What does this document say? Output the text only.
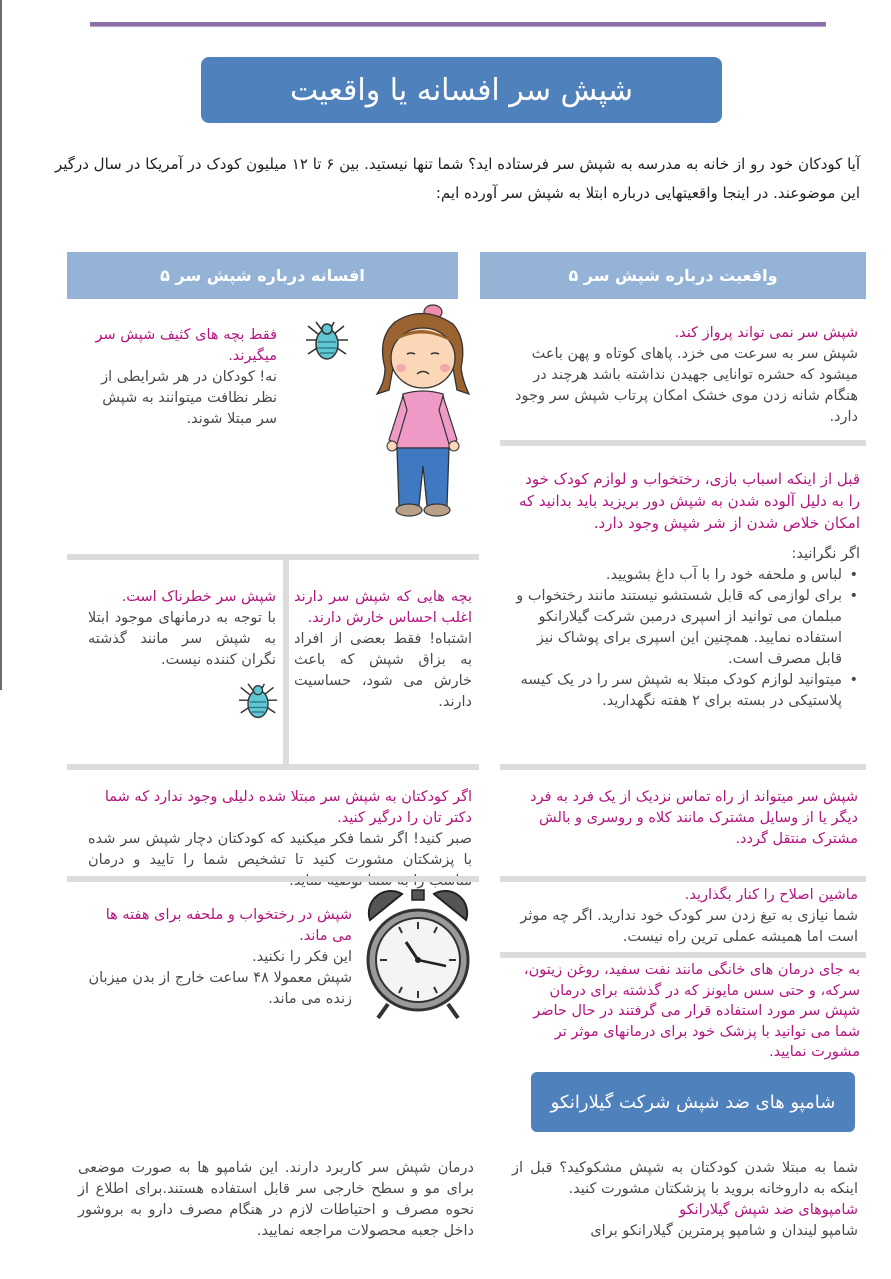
شپش سر افسانه یا واقعیت
آیا کودکان خود رو از خانه به مدرسه به شپش سر فرستاده اید؟ شما تنها نیستید. بین ۶ تا ۱۲ میلیون کودک در آمریکا در سال درگیر این موضوعند. در اینجا واقعیتهایی درباره ابتلا به شپش سر آورده ایم:
۵ واقعیت درباره شپش سر
۵ افسانه درباره شپش سر
شپش سر نمی تواند پرواز کند.
شپش سر به سرعت می خزد. پاهای کوتاه و پهن باعث میشود که حشره توانایی جهیدن نداشته باشد هرچند در هنگام شانه زدن موی خشک امکان پرتاب شپش سر وجود دارد.
قبل از اینکه اسباب بازی، رختخواب و لوازم کودک خود را به دلیل آلوده شدن به شپش دور بریزید باید بدانید که امکان خلاص شدن از شر شپش وجود دارد.
اگر نگرانید:
• لباس و ملحفه خود را با آب داغ بشویید.
• برای لوازمی که قابل شستشو نیستند مانند رختخواب و مبلمان می توانید از اسپری درمبن شرکت گیلارانکو استفاده نمایید. همچنین این اسپری برای پوشاک نیز قابل مصرف است.
• میتوانید لوازم کودک مبتلا به شپش سر را در یک کیسه پلاستیکی در بسته برای ۲ هفته نگهدارید.
شپش سر میتواند از راه تماس نزدیک از یک فرد به فرد دیگر یا از وسایل مشترک مانند کلاه و روسری و بالش مشترک منتقل گردد.
ماشین اصلاح را کنار بگذارید.
شما نیازی به تیغ زدن سر کودک خود ندارید. اگر چه موثر است اما همیشه عملی ترین راه نیست.
به جای درمان های خانگی مانند نفت سفید، روغن زیتون، سرکه، و حتی سس مایونز که در گذشته برای درمان شپش سر مورد استفاده قرار می گرفتند در حال حاضر شما می توانید با پزشک خود برای درمانهای موثر تر مشورت نمایید.
شامپو های ضد شپش شرکت گیلارانکو
شما به مبتلا شدن کودکتان به شپش مشکوکید؟ قبل از اینکه به داروخانه بروید با پزشکتان مشورت کنید.
شامپوهای ضد شپش گیلارانکو
شامپو لیندان و شامپو پرمترین گیلارانکو برای
فقط بچه های کثیف شپش سر میگیرند.
نه! کودکان در هر شرایطی از نظر نظافت میتوانند به شپش سر مبتلا شوند.
شپش سر خطرناک است.
با توجه به درمانهای موجود ابتلا به شپش سر مانند گذشته نگران کننده نیست.
بچه هایی که شپش سر دارند اغلب احساس خارش دارند.
اشتباه! فقط بعضی از افراد به بزاق شپش که باعث خارش می شود، حساسیت دارند.
اگر کودکتان به شپش سر مبتلا شده دلیلی وجود ندارد که شما دکتر تان را درگیر کنید.
صبر کنید! اگر شما فکر میکنید که کودکتان دچار شپش سر شده با پزشکتان مشورت کنید تا تشخیص شما را تایید و درمان
شپش در رختخواب و ملحفه برای هفته ها می ماند.
این فکر را نکنید.
شپش معمولا ۴۸ ساعت خارج از بدن میزبان زنده می ماند.
درمان شپش سر کاربرد دارند. این شامپو ها به صورت موضعی برای مو و سطح خارجی سر قابل استفاده هستند.برای اطلاع از نحوه مصرف و احتیاطات لازم در هنگام مصرف دارو به بروشور داخل جعبه محصولات مراجعه نمایید.
